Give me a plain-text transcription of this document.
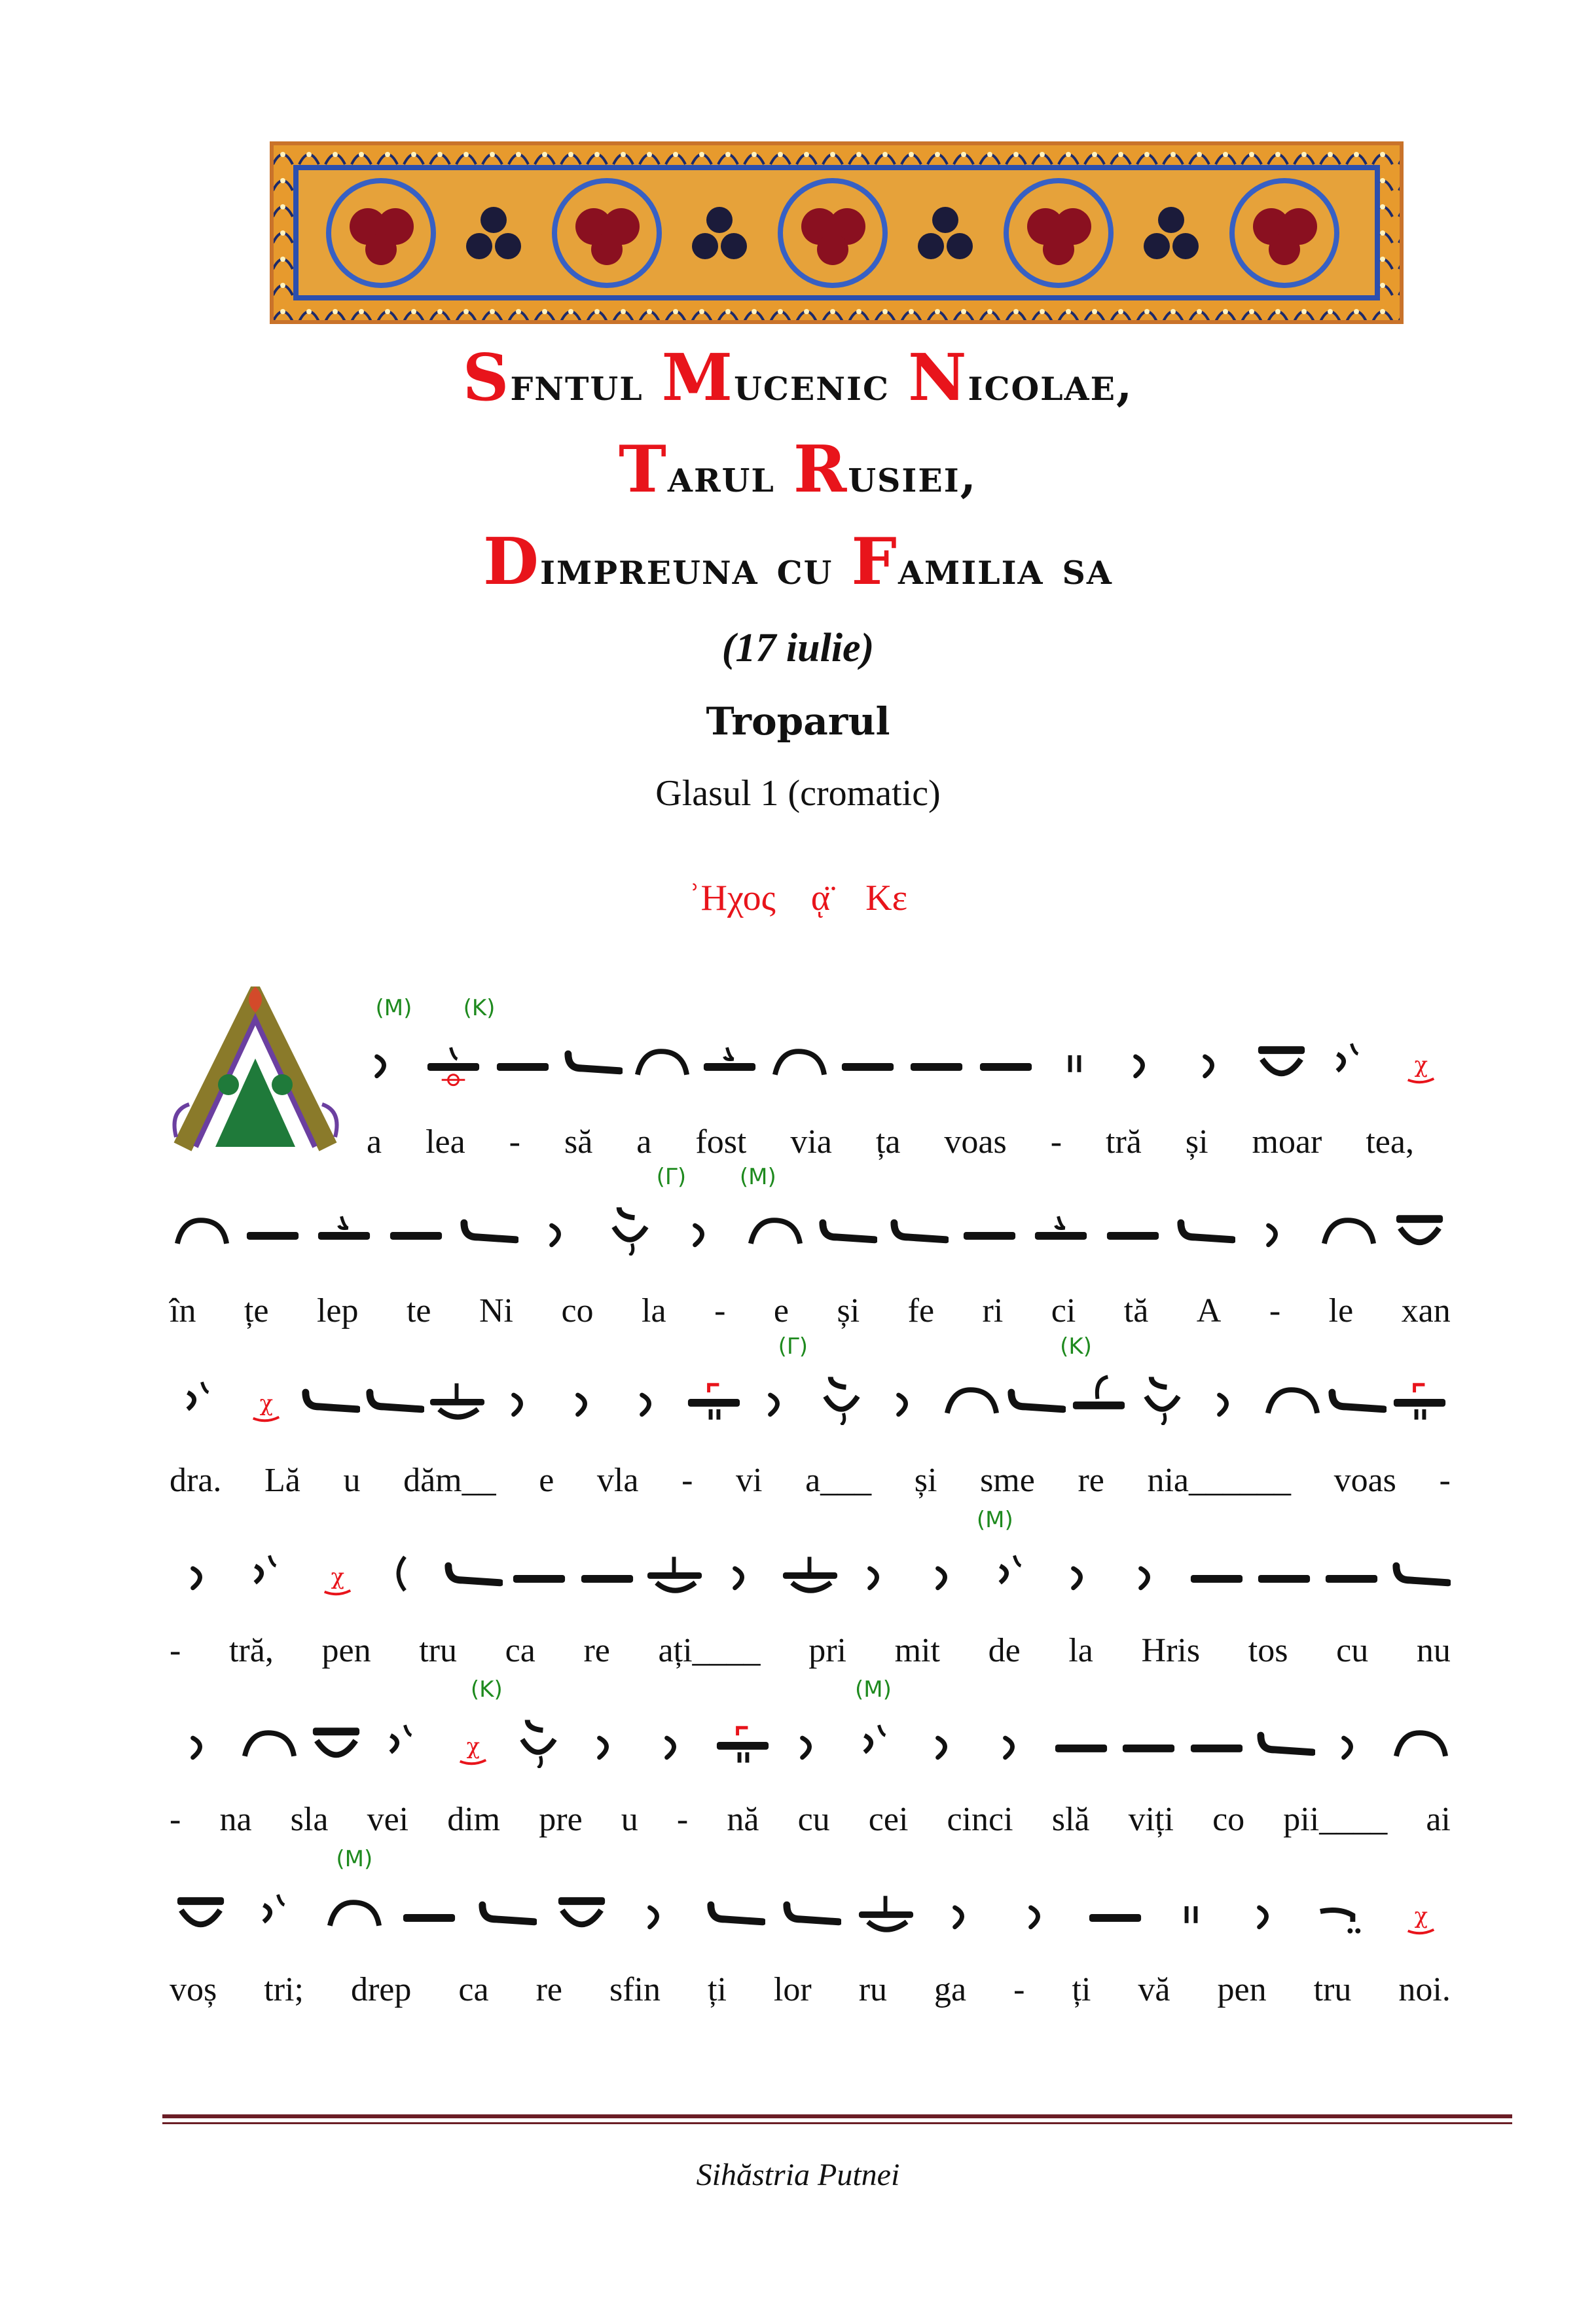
Sfntul Mucenic Nicolae,
Tarul Rusiei,
Dimpreuna cu Familia sa
(17 iulie)
Troparul
Glasul 1 (cromatic)
ʾΗχος ᾳ̈ Κε
χ
(M) (K)
a lea - să a fost via ța voas - tră și moar tea,
(Γ) (M)
în țe lep te Ni co la - e și fe ri ci tă A - le xan
χ
(Γ)	(K)
dra. Lă u dăm__ e vla - vi a___ și sme re nia______ voas -
χ
(M)
- tră, pen tru ca re ați____ pri mit de la Hris tos cu nu
χ
(K)	(M)
- na sla vei dim pre u - nă cu cei cinci slă viți co pii____ ai
χ
(M)
voș tri; drep ca re sfin ți lor ru ga - ți vă pen tru noi.
Sihăstria Putnei
